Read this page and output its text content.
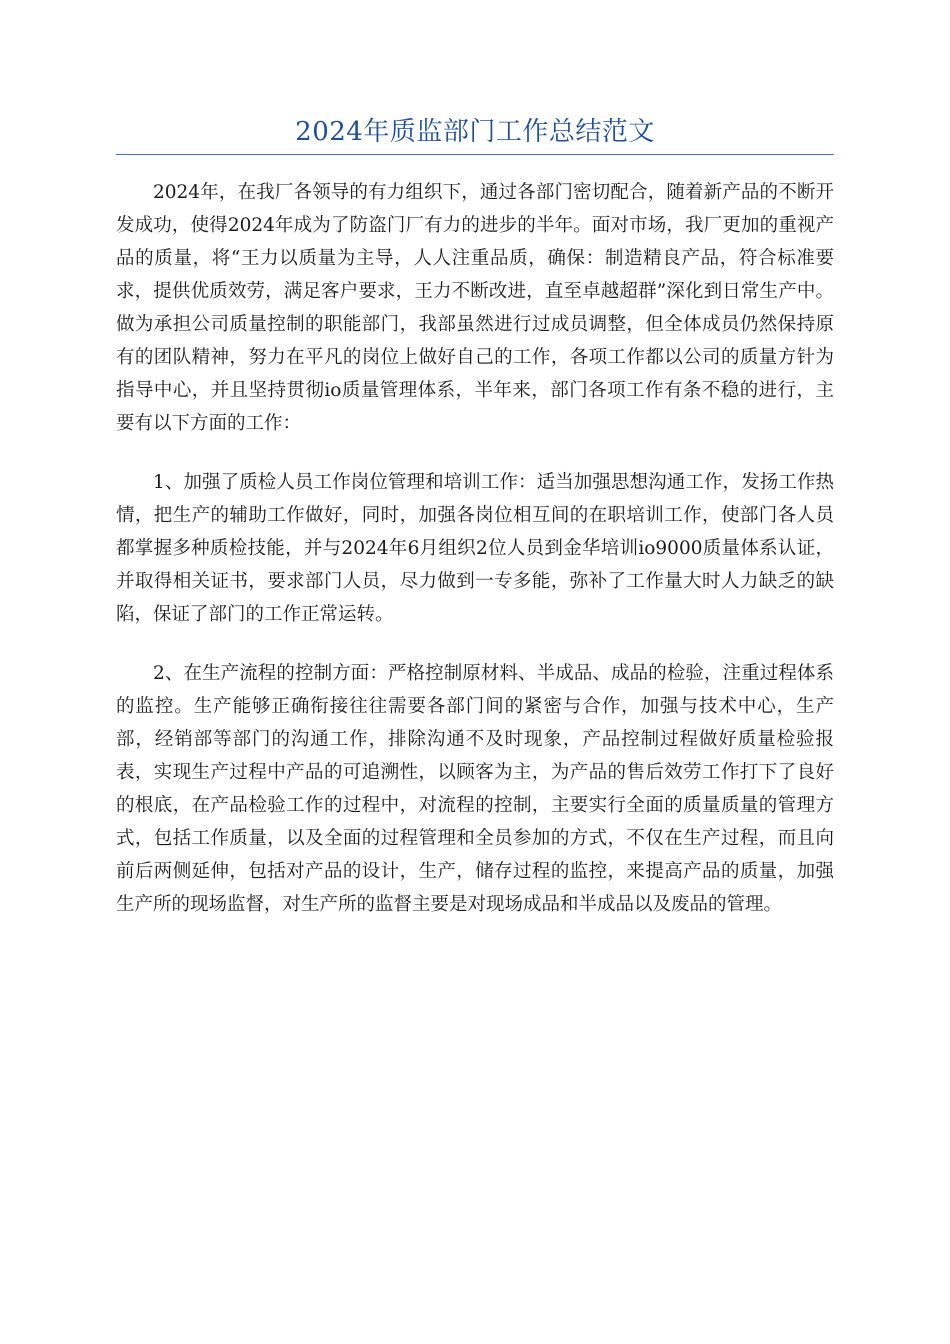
2024年质监部门工作总结范文

2024年，在我厂各领导的有力组织下，通过各部门密切配合，随着新产品的不断开发成功，使得2024年成为了防盗门厂有力的进步的半年。面对市场，我厂更加的重视产品的质量，将“王力以质量为主导，人人注重品质，确保：制造精良产品，符合标准要求，提供优质效劳，满足客户要求，王力不断改进，直至卓越超群”深化到日常生产中。做为承担公司质量控制的职能部门，我部虽然进行过成员调整，但全体成员仍然保持原有的团队精神，努力在平凡的岗位上做好自己的工作，各项工作都以公司的质量方针为指导中心，并且坚持贯彻io质量管理体系，半年来，部门各项工作有条不稳的进行，主要有以下方面的工作：

1、加强了质检人员工作岗位管理和培训工作：适当加强思想沟通工作，发扬工作热情，把生产的辅助工作做好，同时，加强各岗位相互间的在职培训工作，使部门各人员都掌握多种质检技能，并与2024年6月组织2位人员到金华培训io9000质量体系认证，并取得相关证书，要求部门人员，尽力做到一专多能，弥补了工作量大时人力缺乏的缺陷，保证了部门的工作正常运转。

2、在生产流程的控制方面：严格控制原材料、半成品、成品的检验，注重过程体系的监控。生产能够正确衔接往往需要各部门间的紧密与合作，加强与技术中心，生产部，经销部等部门的沟通工作，排除沟通不及时现象，产品控制过程做好质量检验报表，实现生产过程中产品的可追溯性，以顾客为主，为产品的售后效劳工作打下了良好的根底，在产品检验工作的过程中，对流程的控制，主要实行全面的质量质量的管理方式，包括工作质量，以及全面的过程管理和全员参加的方式，不仅在生产过程，而且向前后两侧延伸，包括对产品的设计，生产，储存过程的监控，来提高产品的质量，加强生产所的现场监督，对生产所的监督主要是对现场成品和半成品以及废品的管理。
